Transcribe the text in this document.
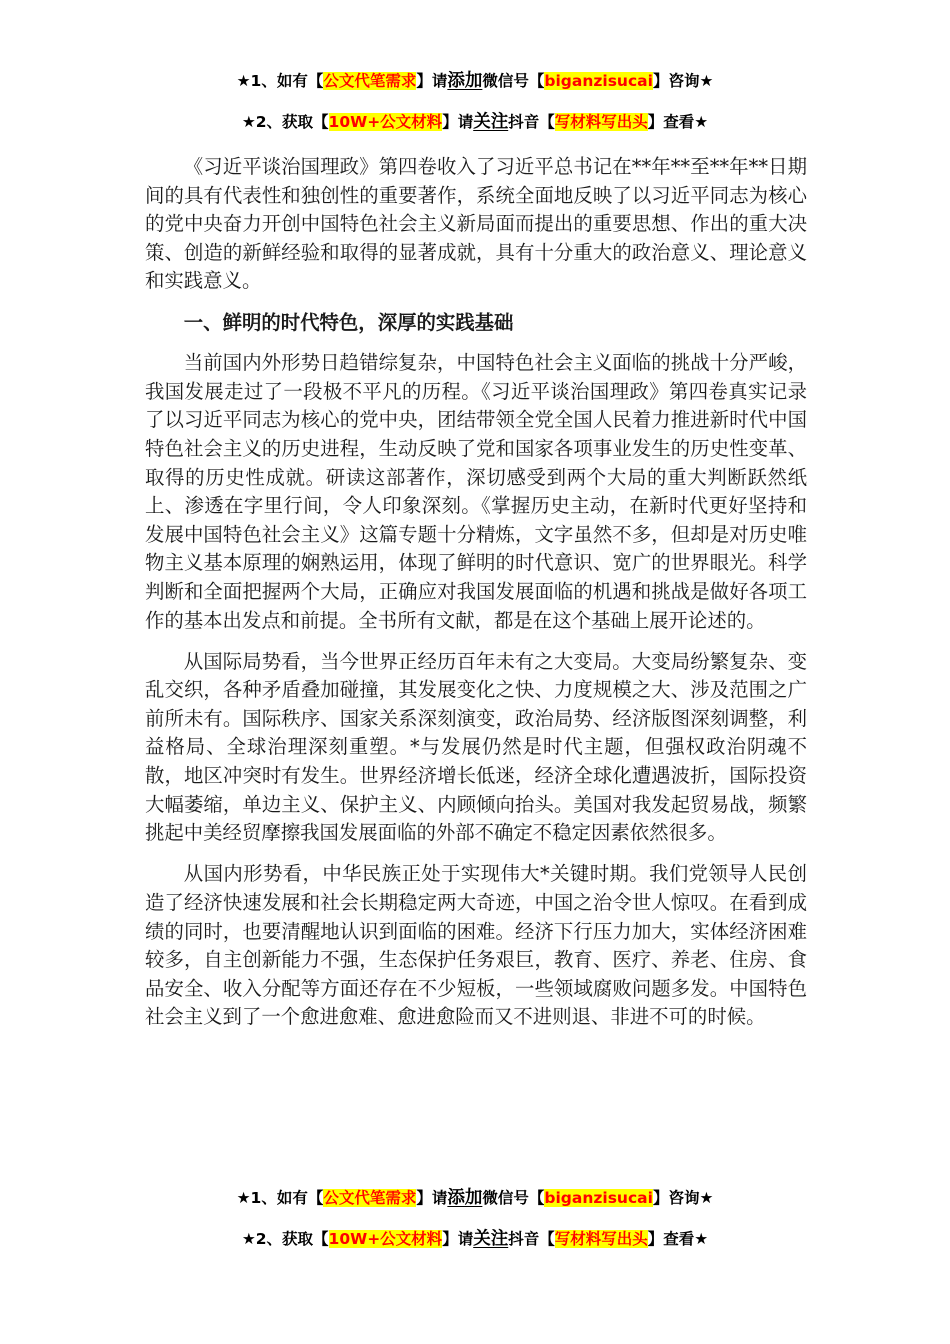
★1、如有【公文代笔需求】请添加微信号【biganzisucai】咨询★
★2、获取【10W+公文材料】请关注抖音【写材料写出头】查看★

《习近平谈治国理政》第四卷收入了习近平总书记在**年**至**年**日期间的具有代表性和独创性的重要著作，系统全面地反映了以习近平同志为核心的党中央奋力开创中国特色社会主义新局面而提出的重要思想、作出的重大决策、创造的新鲜经验和取得的显著成就，具有十分重大的政治意义、理论意义和实践意义。

一、鲜明的时代特色，深厚的实践基础

当前国内外形势日趋错综复杂，中国特色社会主义面临的挑战十分严峻，我国发展走过了一段极不平凡的历程。《习近平谈治国理政》第四卷真实记录了以习近平同志为核心的党中央，团结带领全党全国人民着力推进新时代中国特色社会主义的历史进程，生动反映了党和国家各项事业发生的历史性变革、取得的历史性成就。研读这部著作，深切感受到两个大局的重大判断跃然纸上、渗透在字里行间，令人印象深刻。《掌握历史主动，在新时代更好坚持和发展中国特色社会主义》这篇专题十分精炼，文字虽然不多，但却是对历史唯物主义基本原理的娴熟运用，体现了鲜明的时代意识、宽广的世界眼光。科学判断和全面把握两个大局，正确应对我国发展面临的机遇和挑战是做好各项工作的基本出发点和前提。全书所有文献，都是在这个基础上展开论述的。

从国际局势看，当今世界正经历百年未有之大变局。大变局纷繁复杂、变乱交织，各种矛盾叠加碰撞，其发展变化之快、力度规模之大、涉及范围之广前所未有。国际秩序、国家关系深刻演变，政治局势、经济版图深刻调整，利益格局、全球治理深刻重塑。*与发展仍然是时代主题，但强权政治阴魂不散，地区冲突时有发生。世界经济增长低迷，经济全球化遭遇波折，国际投资大幅萎缩，单边主义、保护主义、内顾倾向抬头。美国对我发起贸易战，频繁挑起中美经贸摩擦我国发展面临的外部不确定不稳定因素依然很多。

从国内形势看，中华民族正处于实现伟大*关键时期。我们党领导人民创造了经济快速发展和社会长期稳定两大奇迹，中国之治令世人惊叹。在看到成绩的同时，也要清醒地认识到面临的困难。经济下行压力加大，实体经济困难较多，自主创新能力不强，生态保护任务艰巨，教育、医疗、养老、住房、食品安全、收入分配等方面还存在不少短板，一些领域腐败问题多发。中国特色社会主义到了一个愈进愈难、愈进愈险而又不进则退、非进不可的时候。

★1、如有【公文代笔需求】请添加微信号【biganzisucai】咨询★
★2、获取【10W+公文材料】请关注抖音【写材料写出头】查看★
